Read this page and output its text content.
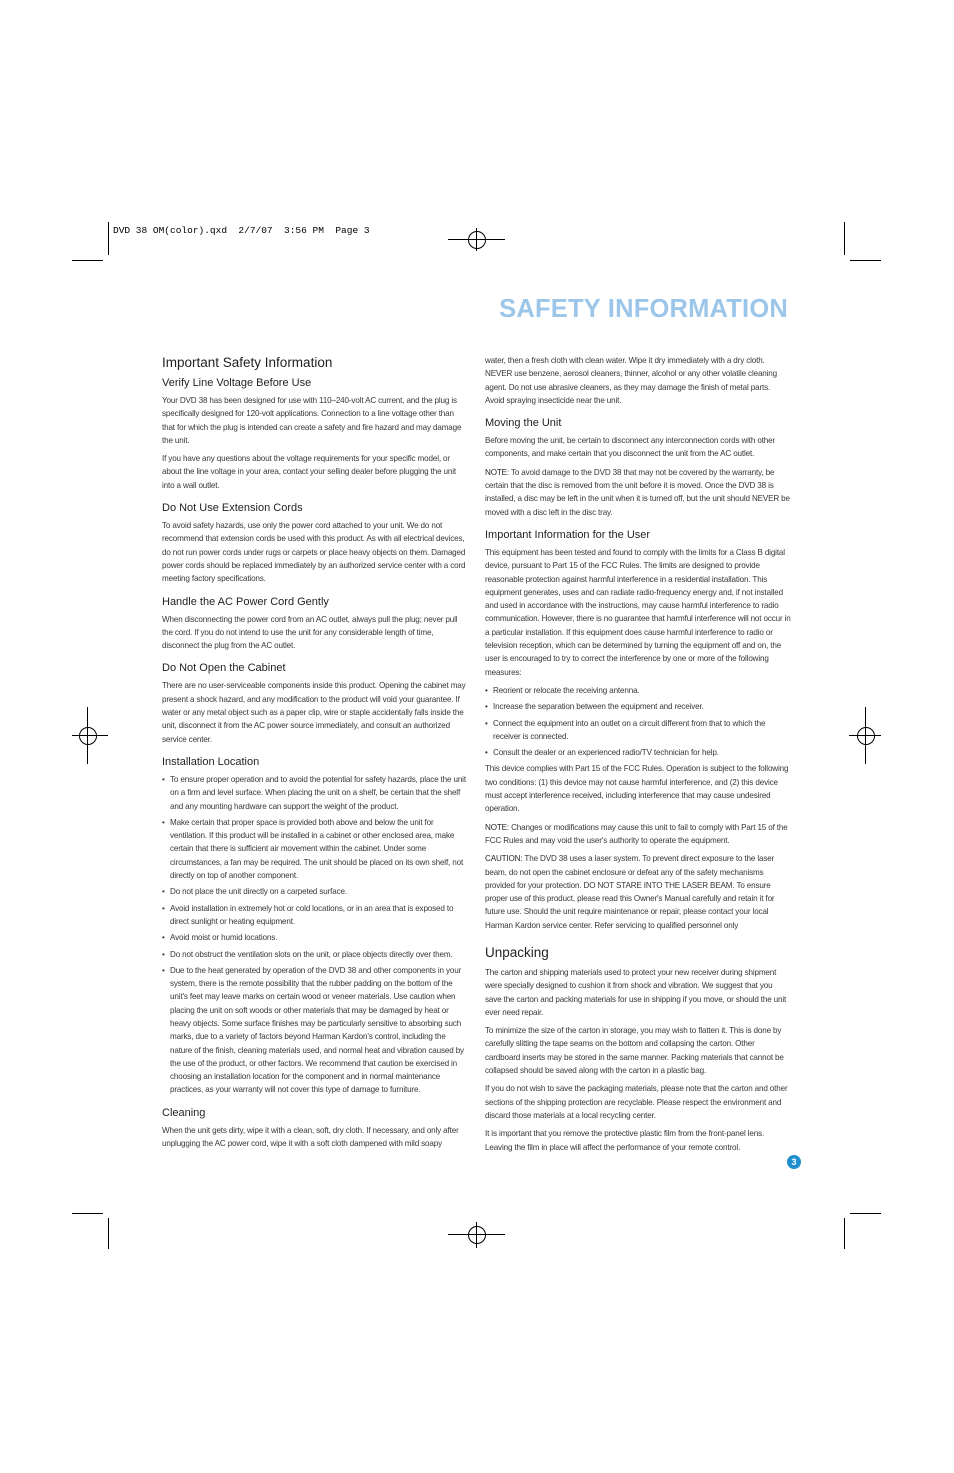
DVD 38 OM(color).qxd  2/7/07  3:56 PM  Page 3
SAFETY INFORMATION
Important Safety Information
Verify Line Voltage Before Use

Your DVD 38 has been designed for use with 110–240-volt AC current, and the plug is specifically designed for 120-volt applications. Connection to a line voltage other than that for which the plug is intended can create a safety and fire hazard and may damage the unit.

If you have any questions about the voltage requirements for your specific model, or about the line voltage in your area, contact your selling dealer before plugging the unit into a wall outlet.

Do Not Use Extension Cords

To avoid safety hazards, use only the power cord attached to your unit. We do not recommend that extension cords be used with this product. As with all electrical devices, do not run power cords under rugs or carpets or place heavy objects on them. Damaged power cords should be replaced immediately by an authorized service center with a cord meeting factory specifications.

Handle the AC Power Cord Gently

When disconnecting the power cord from an AC outlet, always pull the plug; never pull the cord. If you do not intend to use the unit for any considerable length of time, disconnect the plug from the AC outlet.

Do Not Open the Cabinet

There are no user-serviceable components inside this product. Opening the cabinet may present a shock hazard, and any modification to the product will void your guarantee. If water or any metal object such as a paper clip, wire or staple accidentally falls inside the unit, disconnect it from the AC power source immediately, and consult an authorized service center.

Installation Location
• To ensure proper operation and to avoid the potential for safety hazards, place the unit on a firm and level surface. When placing the unit on a shelf, be certain that the shelf and any mounting hardware can support the weight of the product.
• Make certain that proper space is provided both above and below the unit for ventilation. If this product will be installed in a cabinet or other enclosed area, make certain that there is sufficient air movement within the cabinet. Under some circumstances, a fan may be required. The unit should be placed on its own shelf, not directly on top of another component.
• Do not place the unit directly on a carpeted surface.
• Avoid installation in extremely hot or cold locations, or in an area that is exposed to direct sunlight or heating equipment.
• Avoid moist or humid locations.
• Do not obstruct the ventilation slots on the unit, or place objects directly over them.
• Due to the heat generated by operation of the DVD 38 and other components in your system, there is the remote possibility that the rubber padding on the bottom of the unit's feet may leave marks on certain wood or veneer materials. Use caution when placing the unit on soft woods or other materials that may be damaged by heat or heavy objects. Some surface finishes may be particularly sensitive to absorbing such marks, due to a variety of factors beyond Harman Kardon's control, including the nature of the finish, cleaning materials used, and normal heat and vibration caused by the use of the product, or other factors. We recommend that caution be exercised in choosing an installation location for the component and in normal maintenance practices, as your warranty will not cover this type of damage to furniture.
Cleaning

When the unit gets dirty, wipe it with a clean, soft, dry cloth. If necessary, and only after unplugging the AC power cord, wipe it with a soft cloth dampened with mild soapy

water, then a fresh cloth with clean water. Wipe it dry immediately with a dry cloth. NEVER use benzene, aerosol cleaners, thinner, alcohol or any other volatile cleaning agent. Do not use abrasive cleaners, as they may damage the finish of metal parts. Avoid spraying insecticide near the unit.

Moving the Unit

Before moving the unit, be certain to disconnect any interconnection cords with other components, and make certain that you disconnect the unit from the AC outlet.

NOTE: To avoid damage to the DVD 38 that may not be covered by the warranty, be certain that the disc is removed from the unit before it is moved. Once the DVD 38 is installed, a disc may be left in the unit when it is turned off, but the unit should NEVER be moved with a disc left in the disc tray.

Important Information for the User

This equipment has been tested and found to comply with the limits for a Class B digital device, pursuant to Part 15 of the FCC Rules. The limits are designed to provide reasonable protection against harmful interference in a residential installation. This equipment generates, uses and can radiate radio-frequency energy and, if not installed and used in accordance with the instructions, may cause harmful interference to radio communication. However, there is no guarantee that harmful interference will not occur in a particular installation. If this equipment does cause harmful interference to radio or television reception, which can be determined by turning the equipment off and on, the user is encouraged to try to correct the interference by one or more of the following measures:

• Reorient or relocate the receiving antenna.
• Increase the separation between the equipment and receiver.
• Connect the equipment into an outlet on a circuit different from that to which the receiver is connected.
• Consult the dealer or an experienced radio/TV technician for help.

This device complies with Part 15 of the FCC Rules. Operation is subject to the following two conditions: (1) this device may not cause harmful interference, and (2) this device must accept interference received, including interference that may cause undesired operation.

NOTE: Changes or modifications may cause this unit to fail to comply with Part 15 of the FCC Rules and may void the user's authority to operate the equipment.

CAUTION: The DVD 38 uses a laser system. To prevent direct exposure to the laser beam, do not open the cabinet enclosure or defeat any of the safety mechanisms provided for your protection. DO NOT STARE INTO THE LASER BEAM. To ensure proper use of this product, please read this Owner's Manual carefully and retain it for future use. Should the unit require maintenance or repair, please contact your local Harman Kardon service center. Refer servicing to qualified personnel only

Unpacking

The carton and shipping materials used to protect your new receiver during shipment were specially designed to cushion it from shock and vibration. We suggest that you save the carton and packing materials for use in shipping if you move, or should the unit ever need repair.

To minimize the size of the carton in storage, you may wish to flatten it. This is done by carefully slitting the tape seams on the bottom and collapsing the carton. Other cardboard inserts may be stored in the same manner. Packing materials that cannot be collapsed should be saved along with the carton in a plastic bag.

If you do not wish to save the packaging materials, please note that the carton and other sections of the shipping protection are recyclable. Please respect the environment and discard those materials at a local recycling center.

It is important that you remove the protective plastic film from the front-panel lens. Leaving the film in place will affect the performance of your remote control.

3
